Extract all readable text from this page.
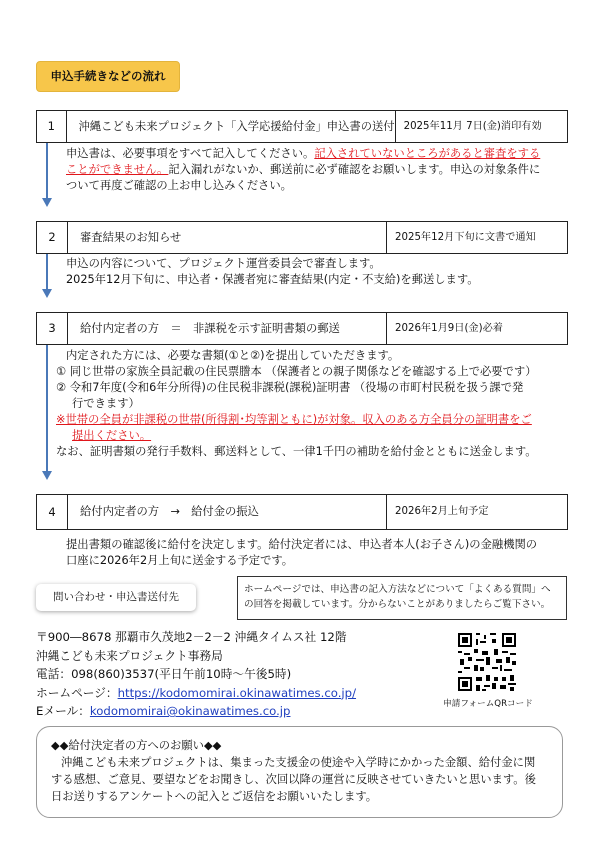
申込手続きなどの流れ
1	沖縄こども未来プロジェクト「入学応援給付金」申込書の送付 2025年11月 7日(金)消印有効
申込書は、必要事項をすべて記入してください。記入されていないところがあると審査をする
ことができません。記入漏れがないか、郵送前に必ず確認をお願いします。申込の対象条件に
ついて再度ご確認の上お申し込みください。
2	審査結果のお知らせ	2025年12月下旬に文書で通知
申込の内容について、プロジェクト運営委員会で審査します。
2025年12月下旬に、申込者・保護者宛に審査結果(内定・不支給)を郵送します。
3	給付内定者の方　＝　非課税を示す証明書類の郵送	2026年1月9日(金)必着
内定された方には、必要な書類(①と②)を提出していただきます。
① 同じ世帯の家族全員記載の住民票謄本 （保護者との親子関係などを確認する上で必要です）
② 令和7年度(令和6年分所得)の住民税非課税(課税)証明書 （役場の市町村民税を扱う課で発
行できます）
※世帯の全員が非課税の世帯(所得割･均等割ともに)が対象。収入のある方全員分の証明書をご
提出ください。
なお、証明書類の発行手数料、郵送料として、一律1千円の補助を給付金とともに送金します。
4	給付内定者の方　→　給付金の振込	2026年2月上旬予定
提出書類の確認後に給付を決定します。給付決定者には、申込者本人(お子さん)の金融機関の
口座に2026年2月上旬に送金する予定です。
問い合わせ・申込書送付先
ホームページでは、申込書の記入方法などについて「よくある質問」へ
の回答を掲載しています。分からないことがありましたらご覧下さい。
〒900―8678 那覇市久茂地2－2－2 沖縄タイムス社 12階
沖縄こども未来プロジェクト事務局
電話：098(860)3537(平日午前10時～午後5時)
ホームページ：https://kodomomirai.okinawatimes.co.jp/
Eメール：kodomomirai@okinawatimes.co.jp	申請フォームQRコード
◆◆給付決定者の方へのお願い◆◆
沖縄こども未来プロジェクトは、集まった支援金の使途や入学時にかかった金額、給付金に関
する感想、ご意見、要望などをお聞きし、次回以降の運営に反映させていきたいと思います。後
日お送りするアンケートへの記入とご返信をお願いいたします。
